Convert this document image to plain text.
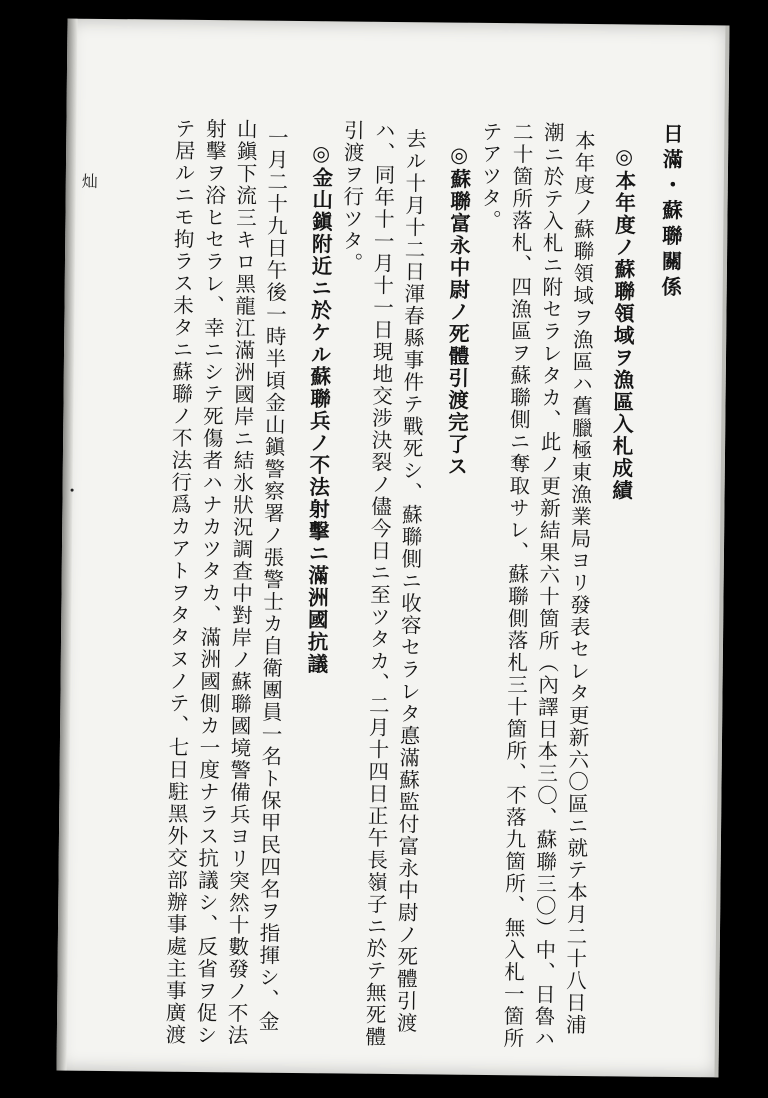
灿	日滿・蘇聯關係
◎本年度ノ蘇聯領域ヲ漁區入札成績
本年度ノ蘇聯領域ヲ漁區ハ舊臘極東漁業局ヨリ發表セレタ更新六〇區ニ就テ本月二十八日浦
潮ニ於テ入札ニ附セラレタカ、此ノ更新結果六十箇所（內譯日本三〇、蘇聯三〇）中、日魯ハ
二十箇所落札、四漁區ヲ蘇聯側ニ奪取サレ、蘇聯側落札三十箇所、不落九箇所、無入札一箇所
テアツタ。
◎蘇聯富永中尉ノ死體引渡完了ス
去ル十月十二日渾春縣事件テ戰死シ、蘇聯側ニ收容セラレタ悳滿蘇監付富永中尉ノ死體引渡
ハ、同年十一月十一日現地交涉決裂ノ儘今日ニ至ツタカ、二月十四日正午長嶺子ニ於テ無死體
引渡ヲ行ツタ。
◎金山鎭附近ニ於ケル蘇聯兵ノ不法射擊ニ滿洲國抗議
一月二十九日午後一時半頃金山鎭警察署ノ張警士カ自衛團員一名ト保甲民四名ヲ指揮シ、金
山鎭下流三キロ黑龍江滿洲國岸ニ結氷狀況調查中對岸ノ蘇聯國境警備兵ヨリ突然十數發ノ不法
射擊ヲ浴ヒセラレ、幸ニシテ死傷者ハナカツタカ、滿洲國側カ一度ナラス抗議シ、反省ヲ促シ
テ居ルニモ拘ラス未タニ蘇聯ノ不法行爲カアトヲタタヌノテ、七日駐黑外交部辦事處主事廣渡
